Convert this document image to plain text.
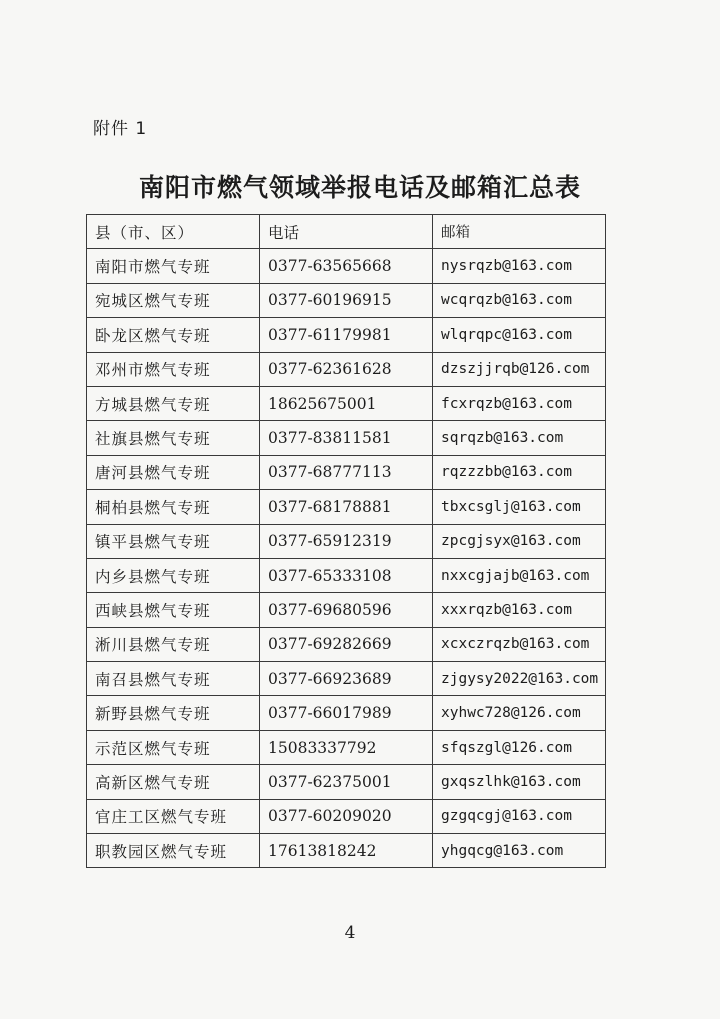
附件 1
南阳市燃气领域举报电话及邮箱汇总表
县（市、区）	电话	邮箱
南阳市燃气专班	0377-63565668	nysrqzb@163.com
宛城区燃气专班	0377-60196915	wcqrqzb@163.com
卧龙区燃气专班	0377-61179981	wlqrqpc@163.com
邓州市燃气专班	0377-62361628	dzszjjrqb@126.com
方城县燃气专班	18625675001	fcxrqzb@163.com
社旗县燃气专班	0377-83811581	sqrqzb@163.com
唐河县燃气专班	0377-68777113	rqzzzbb@163.com
桐柏县燃气专班	0377-68178881	tbxcsglj@163.com
镇平县燃气专班	0377-65912319	zpcgjsyx@163.com
内乡县燃气专班	0377-65333108	nxxcgjajb@163.com
西峡县燃气专班	0377-69680596	xxxrqzb@163.com
淅川县燃气专班	0377-69282669	xcxczrqzb@163.com
南召县燃气专班	0377-66923689	zjgysy2022@163.com
新野县燃气专班	0377-66017989	xyhwc728@126.com
示范区燃气专班	15083337792	sfqszgl@126.com
高新区燃气专班	0377-62375001	gxqszlhk@163.com
官庄工区燃气专班	0377-60209020	gzgqcgj@163.com
职教园区燃气专班	17613818242	yhgqcg@163.com
4
